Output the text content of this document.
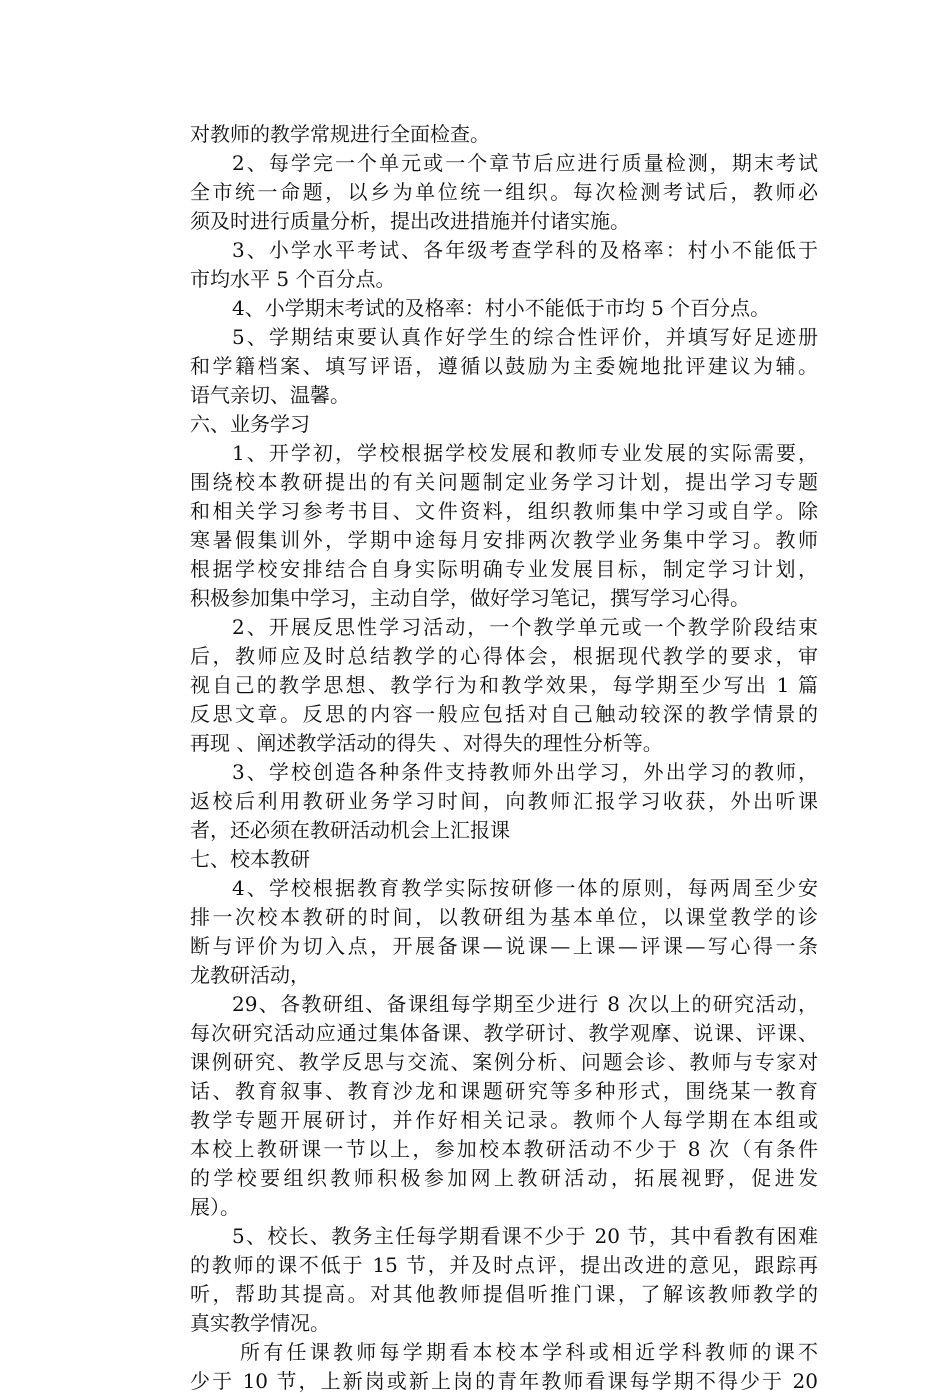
对教师的教学常规进行全面检查。
2、每学完一个单元或一个章节后应进行质量检测，期末考试
全市统一命题，以乡为单位统一组织。每次检测考试后，教师必
须及时进行质量分析，提出改进措施并付诸实施。
3、小学水平考试、各年级考查学科的及格率：村小不能低于
市均水平 5 个百分点。
4、小学期末考试的及格率：村小不能低于市均 5 个百分点。
5、学期结束要认真作好学生的综合性评价，并填写好足迹册
和学籍档案、填写评语，遵循以鼓励为主委婉地批评建议为辅。
语气亲切、温馨。
六、业务学习
1、开学初，学校根据学校发展和教师专业发展的实际需要，
围绕校本教研提出的有关问题制定业务学习计划，提出学习专题
和相关学习参考书目、文件资料，组织教师集中学习或自学。除
寒暑假集训外，学期中途每月安排两次教学业务集中学习。教师
根据学校安排结合自身实际明确专业发展目标，制定学习计划，
积极参加集中学习，主动自学，做好学习笔记，撰写学习心得。
2、开展反思性学习活动，一个教学单元或一个教学阶段结束
后，教师应及时总结教学的心得体会，根据现代教学的要求，审
视自己的教学思想、教学行为和教学效果，每学期至少写出 1 篇
反思文章。反思的内容一般应包括对自己触动较深的教学情景的
再现 、阐述教学活动的得失 、对得失的理性分析等。
3、学校创造各种条件支持教师外出学习，外出学习的教师，
返校后利用教研业务学习时间，向教师汇报学习收获，外出听课
者，还必须在教研活动机会上汇报课
七、校本教研
4、学校根据教育教学实际按研修一体的原则，每两周至少安
排一次校本教研的时间，以教研组为基本单位，以课堂教学的诊
断与评价为切入点，开展备课—说课—上课—评课—写心得一条
龙教研活动，
29、各教研组、备课组每学期至少进行 8 次以上的研究活动，
每次研究活动应通过集体备课、教学研讨、教学观摩、说课、评课、
课例研究、教学反思与交流、案例分析、问题会诊、教师与专家对
话、教育叙事、教育沙龙和课题研究等多种形式，围绕某一教育
教学专题开展研讨，并作好相关记录。教师个人每学期在本组或
本校上教研课一节以上，参加校本教研活动不少于 8 次（有条件
的学校要组织教师积极参加网上教研活动，拓展视野，促进发
展）。
5、校长、教务主任每学期看课不少于 20 节，其中看教有困难
的教师的课不低于 15 节，并及时点评，提出改进的意见，跟踪再
听，帮助其提高。对其他教师提倡听推门课，了解该教师教学的
真实教学情况。
所有任课教师每学期看本校本学科或相近学科教师的课不
少于 10 节，上新岗或新上岗的青年教师看课每学期不得少于 20
